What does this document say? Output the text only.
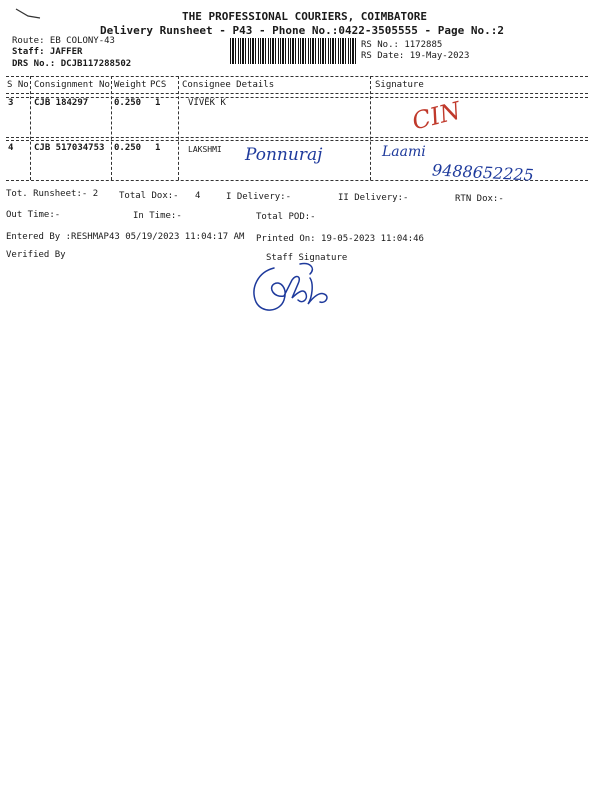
THE PROFESSIONAL COURIERS, COIMBATORE
Delivery Runsheet - P43 - Phone No.:0422-3505555 - Page No.:2
Route: EB COLONY-43
Staff: JAFFER
DRS No.: DCJB117288502
RS No.: 1172885
RS Date: 19-May-2023
S No Consignment No Weight PCS Consignee Details	Signature
3 CJB 184297	0.250 1	VIVEK K
4 CJB 517034753 0.250 1	LAKSHMI
CIN
Ponnuraj	Laami
9488652225
Tot. Runsheet:- 2 Total Dox:- 4	I Delivery:-	II Delivery:-	RTN Dox:-
Out Time:-	In Time:-	Total POD:-
Entered By :RESHMAP43 05/19/2023 11:04:17 AM Printed On: 19-05-2023 11:04:46
Verified By	Staff Signature
